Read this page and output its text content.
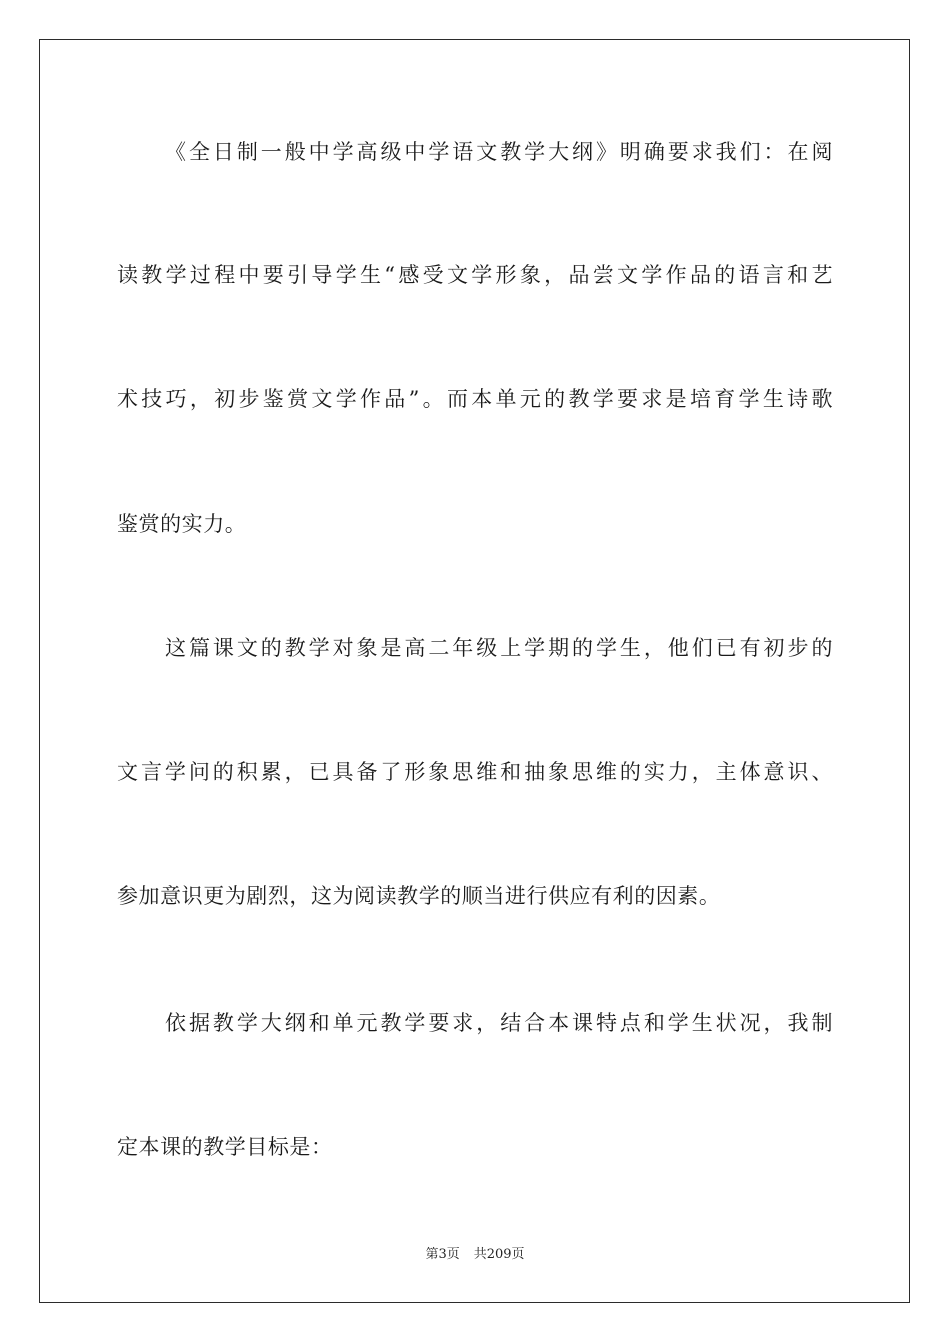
《全日制一般中学高级中学语文教学大纲》明确要求我们：在阅
读教学过程中要引导学生“感受文学形象，品尝文学作品的语言和艺
术技巧，初步鉴赏文学作品”。而本单元的教学要求是培育学生诗歌
鉴赏的实力。
这篇课文的教学对象是高二年级上学期的学生，他们已有初步的
文言学问的积累，已具备了形象思维和抽象思维的实力，主体意识、
参加意识更为剧烈，这为阅读教学的顺当进行供应有利的因素。
依据教学大纲和单元教学要求，结合本课特点和学生状况，我制
定本课的教学目标是：
第3页 共209页
